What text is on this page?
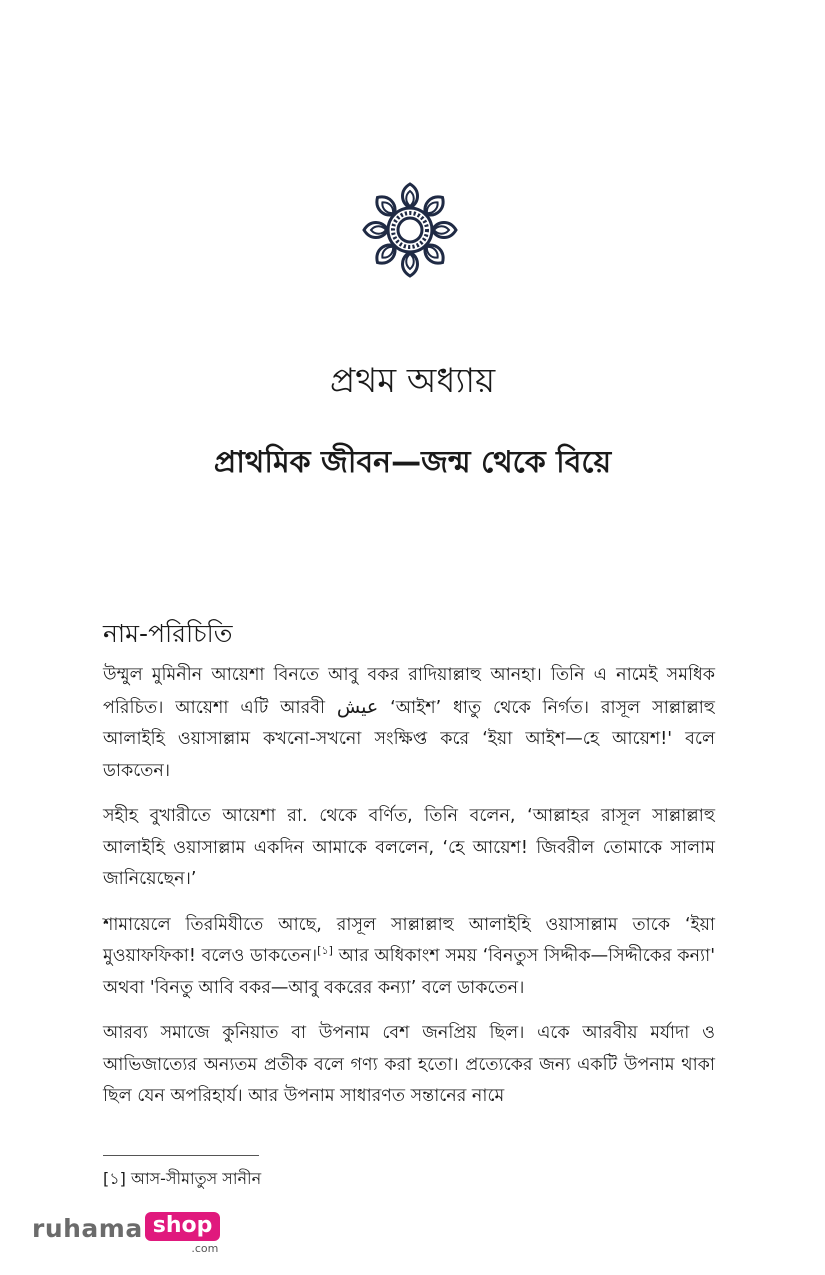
প্রথম অধ্যায়
প্রাথমিক জীবন—জন্ম থেকে বিয়ে
নাম-পরিচিতি

উম্মুল মুমিনীন আয়েশা বিনতে আবু বকর রাদিয়াল্লাহু আনহা। তিনি এ নামেই সমধিক পরিচিত। আয়েশা এটি আরবী عيش ‘আইশ’ ধাতু থেকে নির্গত। রাসূল সাল্লাল্লাহু আলাইহি ওয়াসাল্লাম কখনো-সখনো সংক্ষিপ্ত করে ‘ইয়া আইশ—হে আয়েশ!' বলে ডাকতেন।

সহীহ বুখারীতে আয়েশা রা. থেকে বর্ণিত, তিনি বলেন, ‘আল্লাহর রাসূল সাল্লাল্লাহু আলাইহি ওয়াসাল্লাম একদিন আমাকে বললেন, ‘হে আয়েশ! জিবরীল তোমাকে সালাম জানিয়েছেন।’

শামায়েলে তিরমিযীতে আছে, রাসূল সাল্লাল্লাহু আলাইহি ওয়াসাল্লাম তাকে ‘ইয়া মুওয়াফফিকা! বলেও ডাকতেন।[১] আর অধিকাংশ সময় ‘বিনতুস সিদ্দীক—সিদ্দীকের কন্যা' অথবা 'বিনতু আবি বকর—আবু বকরের কন্যা’ বলে ডাকতেন।

আরব্য সমাজে কুনিয়াত বা উপনাম বেশ জনপ্রিয় ছিল। একে আরবীয় মর্যাদা ও আভিজাত্যের অন্যতম প্রতীক বলে গণ্য করা হতো। প্রত্যেকের জন্য একটি উপনাম থাকা ছিল যেন অপরিহার্য। আর উপনাম সাধারণত সন্তানের নামে

[১] আস-সীমাতুস সানীন
ruhama shop
.com
